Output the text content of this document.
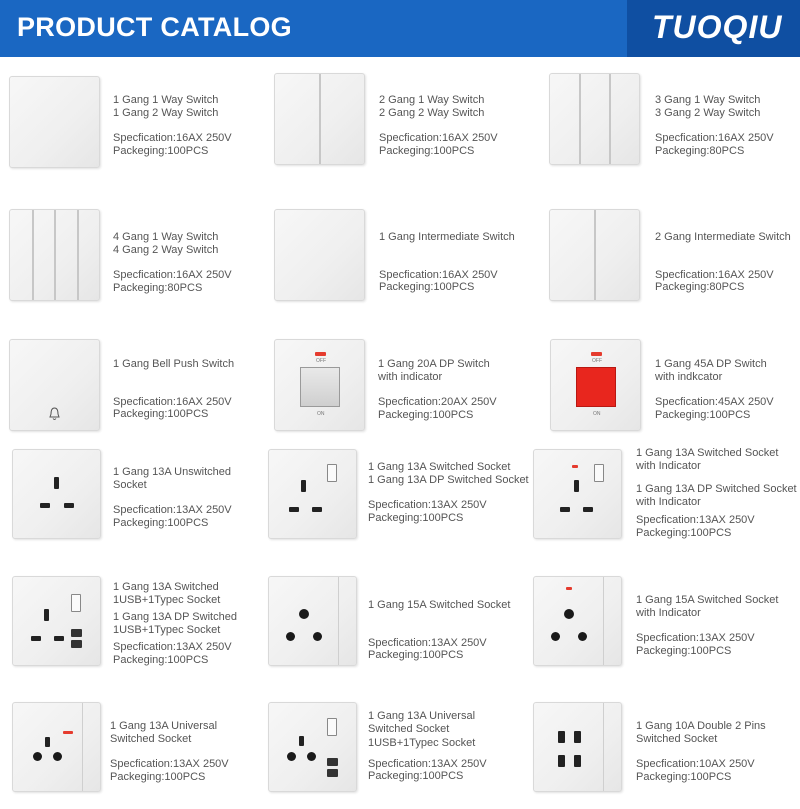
PRODUCT CATALOG	TUOQIU
1 Gang 1 Way Switch
1 Gang 2 Way Switch
Specfication:16AX 250V
Packeging:100PCS
2 Gang 1 Way Switch
2 Gang 2 Way Switch
Specfication:16AX 250V
Packeging:100PCS
3 Gang 1 Way Switch
3 Gang 2 Way Switch
Specfication:16AX 250V
Packeging:80PCS
4 Gang 1 Way Switch
4 Gang 2 Way Switch
Specfication:16AX 250V
Packeging:80PCS
1 Gang Intermediate Switch
Specfication:16AX 250V
Packeging:100PCS
2 Gang Intermediate Switch
Specfication:16AX 250V
Packeging:80PCS
1 Gang Bell Push Switch
Specfication:16AX 250V
Packeging:100PCS
OFF
ON
1 Gang 20A DP Switch
with indicator
Specfication:20AX 250V
Packeging:100PCS
OFF
ON
1 Gang 45A DP Switch
with indkcator
Specfication:45AX 250V
Packeging:100PCS
1 Gang 13A Unswitched
Socket
Specfication:13AX 250V
Packeging:100PCS
1 Gang 13A Switched Socket
1 Gang 13A DP Switched Socket
Specfication:13AX 250V
Packeging:100PCS
1 Gang 13A Switched Socket
with Indicator
1 Gang 13A DP Switched Socket
with Indicator
Specfication:13AX 250V
Packeging:100PCS
1 Gang 13A Switched
1USB+1Typec Socket
1 Gang 13A DP Switched
1USB+1Typec Socket
Specfication:13AX 250V
Packeging:100PCS
1 Gang 15A Switched Socket
Specfication:13AX 250V
Packeging:100PCS
1 Gang 15A Switched Socket
with Indicator
Specfication:13AX 250V
Packeging:100PCS
1 Gang 13A Universal
Switched Socket
Specfication:13AX 250V
Packeging:100PCS
1 Gang 13A Universal
Switched Socket
1USB+1Typec Socket
Specfication:13AX 250V
Packeging:100PCS
1 Gang 10A Double 2 Pins
Switched Socket
Specfication:10AX 250V
Packeging:100PCS
